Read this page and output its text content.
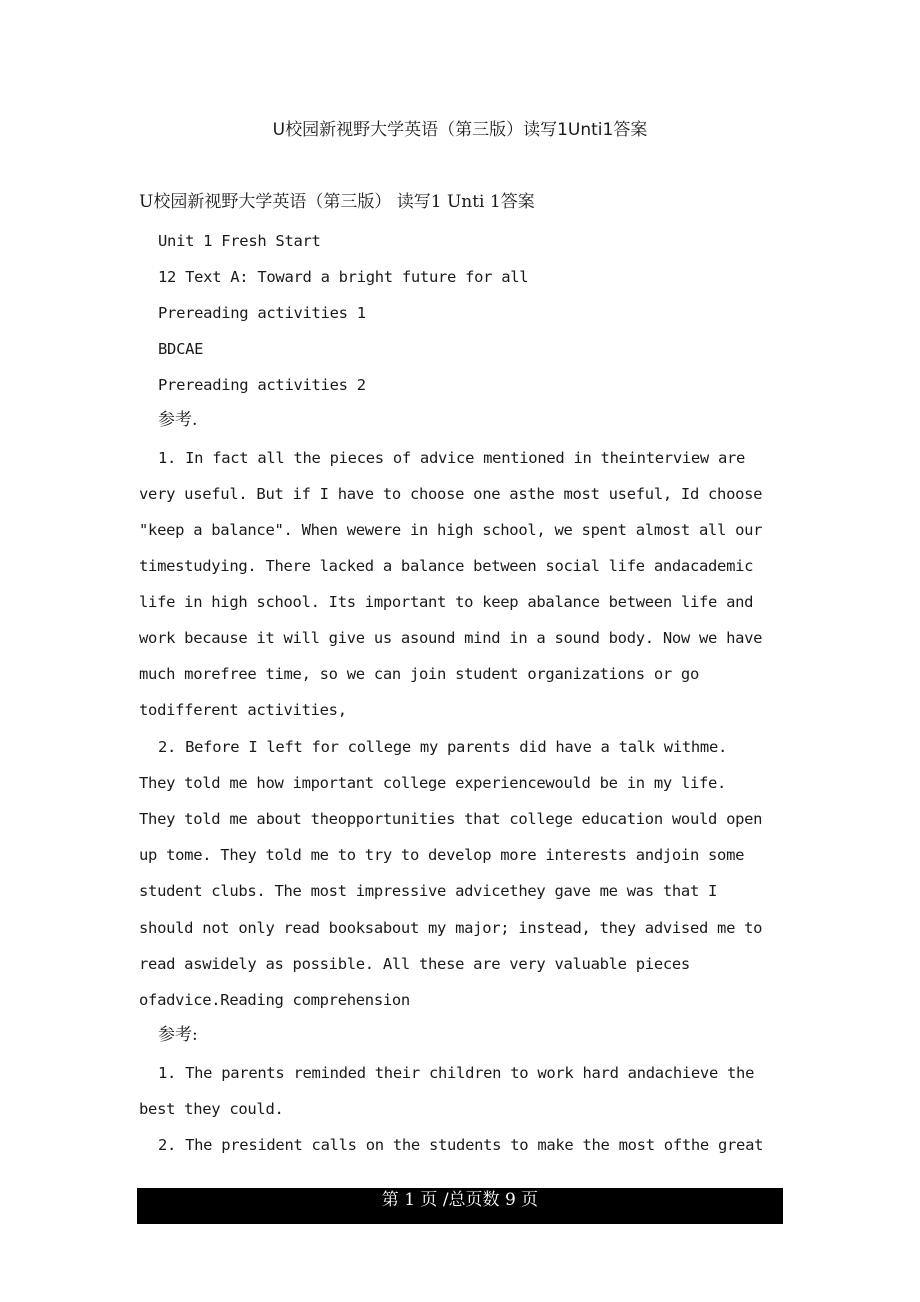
U校园新视野大学英语（第三版）读写1Unti1答案
U校园新视野大学英语（第三版） 读写1 Unti 1答案
Unit 1 Fresh Start
12 Text A: Toward a bright future for all
Prereading activities 1
BDCAE
Prereading activities 2
参考.
1. In fact all the pieces of advice mentioned in theinterview are
very useful. But if I have to choose one asthe most useful, Id choose
"keep a balance". When wewere in high school, we spent almost all our
timestudying. There lacked a balance between social life andacademic
life in high school. Its important to keep abalance between life and
work because it will give us asound mind in a sound body. Now we have
much morefree time, so we can join student organizations or go
todifferent activities,
2. Before I left for college my parents did have a talk withme.
They told me how important college experiencewould be in my life.
They told me about theopportunities that college education would open
up tome. They told me to try to develop more interests andjoin some
student clubs. The most impressive advicethey gave me was that I
should not only read booksabout my major; instead, they advised me to
read aswidely as possible. All these are very valuable pieces
ofadvice.Reading comprehension
参考:
1. The parents reminded their children to work hard andachieve the
best they could.
2. The president calls on the students to make the most ofthe great
第 1 页 /总页数 9 页
